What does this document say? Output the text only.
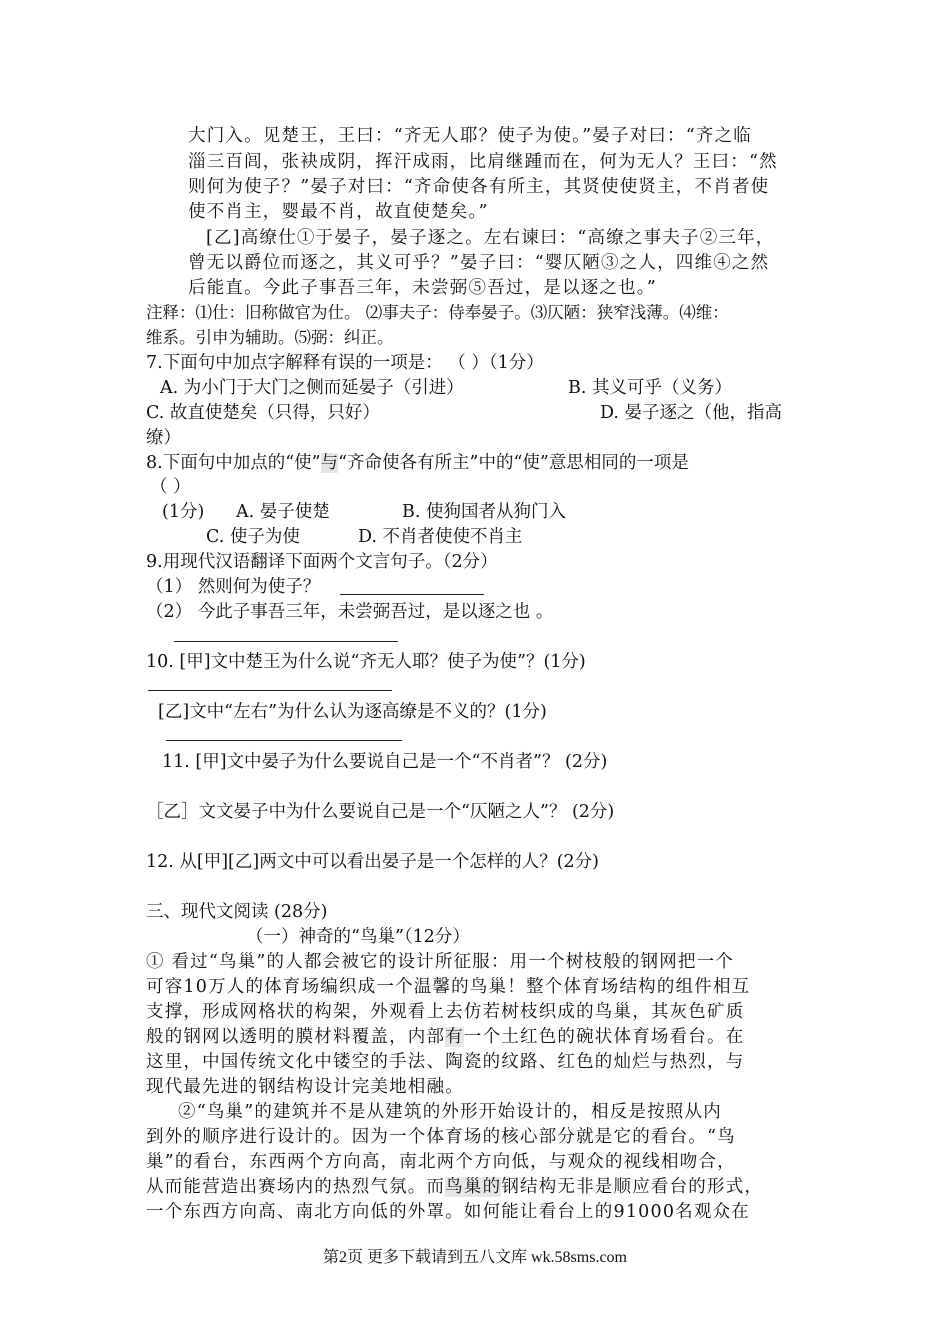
大门入。见楚王，王曰：“齐无人耶？使子为使。”晏子对曰：“齐之临
淄三百闾，张袂成阴，挥汗成雨，比肩继踵而在，何为无人？王曰：“然
则何为使子？”晏子对曰：“齐命使各有所主，其贤使使贤主，不肖者使
使不肖主，婴最不肖，故直使楚矣。”
[乙]高缭仕①于晏子，晏子逐之。左右谏曰：“高缭之事夫子②三年，
曾无以爵位而逐之，其义可乎？”晏子曰：“婴仄陋③之人，四维④之然
后能直。今此子事吾三年，未尝弼⑤吾过，是以逐之也。”
注释：⑴仕：旧称做官为仕。 ⑵事夫子：侍奉晏子。⑶仄陋：狭窄浅薄。⑷维：
维系。引申为辅助。⑸弼：纠正。
7.下面句中加点字解释有误的一项是： （ ）（1分）
A. 为小门于大门之侧而延晏子（引进）	B. 其义可乎（义务）
C. 故直使楚矣（只得，只好）	D. 晏子逐之（他，指高
缭）
8.下面句中加点的“使”与“齐命使各有所主”中的“使”意思相同的一项是
（ ）
(1分) A. 晏子使楚	B. 使狗国者从狗门入
C. 使子为使	D. 不肖者使使不肖主
9.用现代汉语翻译下面两个文言句子。（2分）
（1） 然则何为使子？
（2） 今此子事吾三年，未尝弼吾过，是以逐之也 。
10. [甲]文中楚王为什么说“齐无人耶？使子为使”？(1分)
[乙]文中“左右”为什么认为逐高缭是不义的？(1分)
11. [甲]文中晏子为什么要说自己是一个“不肖者”？ (2分)
［乙］文文晏子中为什么要说自己是一个“仄陋之人”？ (2分)
12. 从[甲][乙]两文中可以看出晏子是一个怎样的人？(2分)
三、现代文阅读 (28分)
（一）神奇的“鸟巢”（12分）
① 看过“鸟巢”的人都会被它的设计所征服：用一个树枝般的钢网把一个
可容10万人的体育场编织成一个温馨的鸟巢！整个体育场结构的组件相互
支撑，形成网格状的构架，外观看上去仿若树枝织成的鸟巢，其灰色矿质
般的钢网以透明的膜材料覆盖，内部有一个土红色的碗状体育场看台。在
这里，中国传统文化中镂空的手法、陶瓷的纹路、红色的灿烂与热烈，与
现代最先进的钢结构设计完美地相融。
②“鸟巢”的建筑并不是从建筑的外形开始设计的，相反是按照从内
到外的顺序进行设计的。因为一个体育场的核心部分就是它的看台。“鸟
巢”的看台，东西两个方向高，南北两个方向低，与观众的视线相吻合，
从而能营造出赛场内的热烈气氛。而鸟巢的钢结构无非是顺应看台的形式，
一个东西方向高、南北方向低的外罩。如何能让看台上的91000名观众在
第2页 更多下载请到五八文库 wk.58sms.com
